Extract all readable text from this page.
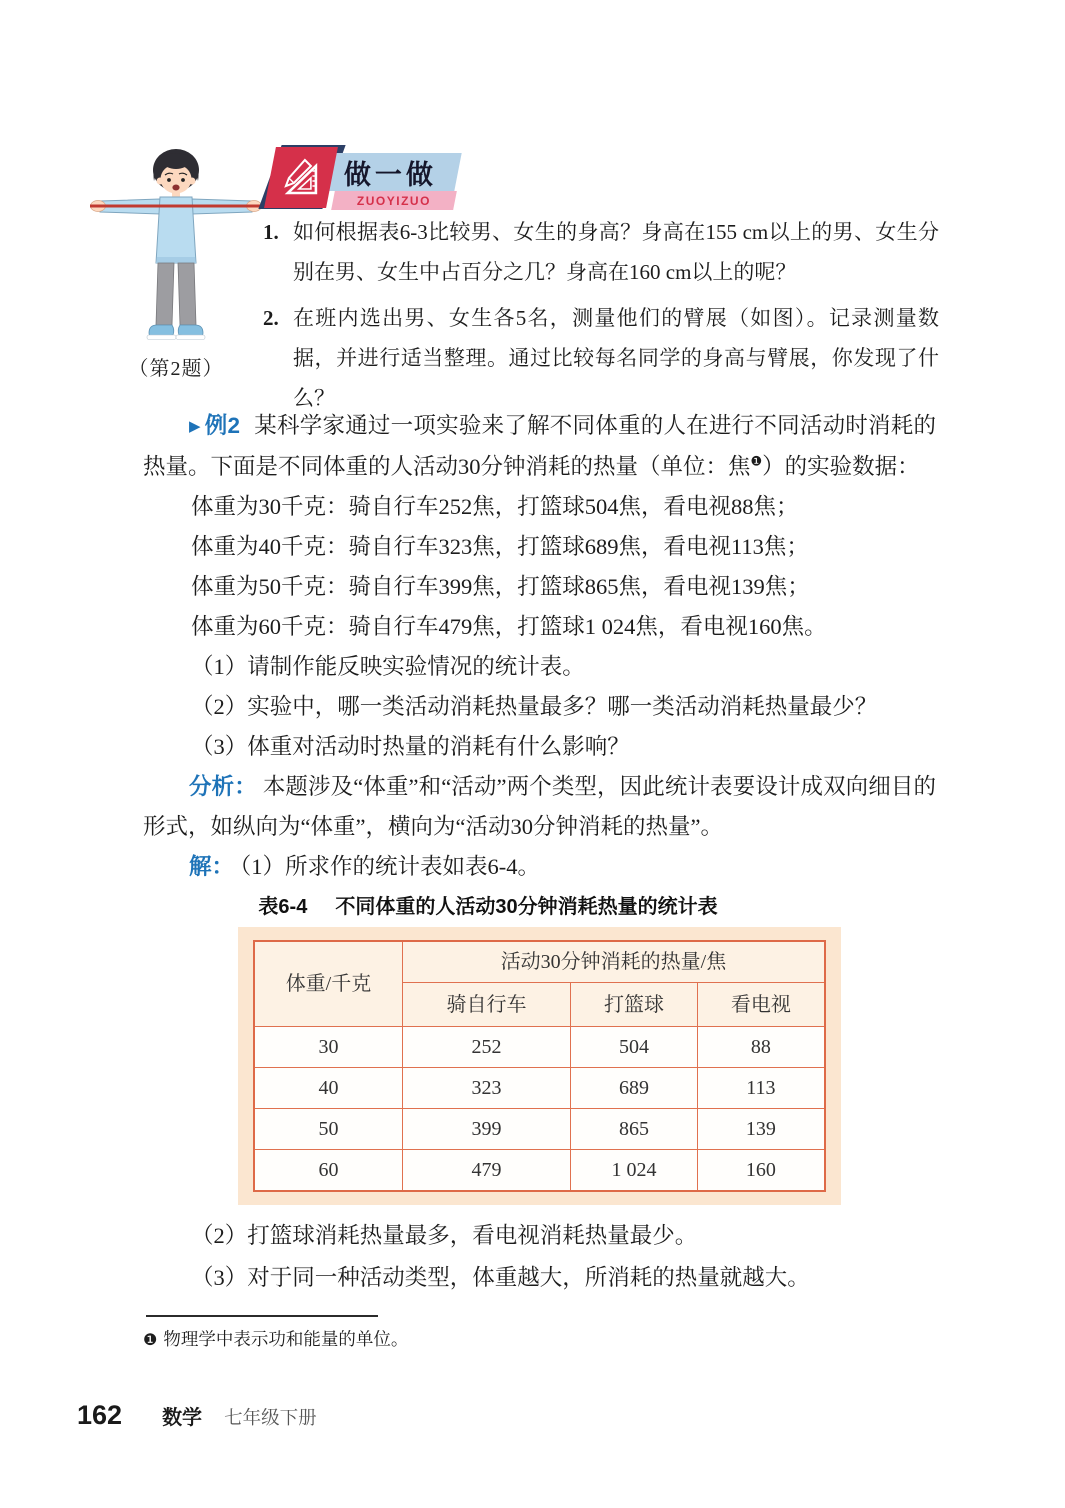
（第2题）
做一做
ZUOYIZUO
1. 如何根据表6-3比较男、女生的身高？身高在155 cm以上的男、女生分别在男、女生中占百分之几？身高在160 cm以上的呢？
2. 在班内选出男、女生各5名，测量他们的臂展（如图）。记录测量数据，并进行适当整理。通过比较每名同学的身高与臂展，你发现了什么？

▶ 例2 某科学家通过一项实验来了解不同体重的人在进行不同活动时消耗的热量。下面是不同体重的人活动30分钟消耗的热量（单位：焦$^❶$）的实验数据：

体重为30千克：骑自行车252焦，打篮球504焦，看电视88焦；

体重为40千克：骑自行车323焦，打篮球689焦，看电视113焦；

体重为50千克：骑自行车399焦，打篮球865焦，看电视139焦；

体重为60千克：骑自行车479焦，打篮球1 024焦，看电视160焦。

（1）请制作能反映实验情况的统计表。

（2）实验中，哪一类活动消耗热量最多？哪一类活动消耗热量最少？

（3）体重对活动时热量的消耗有什么影响？

分析： 本题涉及“体重”和“活动”两个类型，因此统计表要设计成双向细目的形式，如纵向为“体重”，横向为“活动30分钟消耗的热量”。

解： （1）所求作的统计表如表6-4。

表6-4 不同体重的人活动30分钟消耗热量的统计表
体重/千克	活动30分钟消耗的热量/焦		
	骑自行车	打篮球	看电视
30	252	504	88
40	323	689	113
50	399	865	139
60	479	1 024	160

（2）打篮球消耗热量最多，看电视消耗热量最少。

（3）对于同一种活动类型，体重越大，所消耗的热量就越大。

❶ 物理学中表示功和能量的单位。

162 数学 七年级下册
